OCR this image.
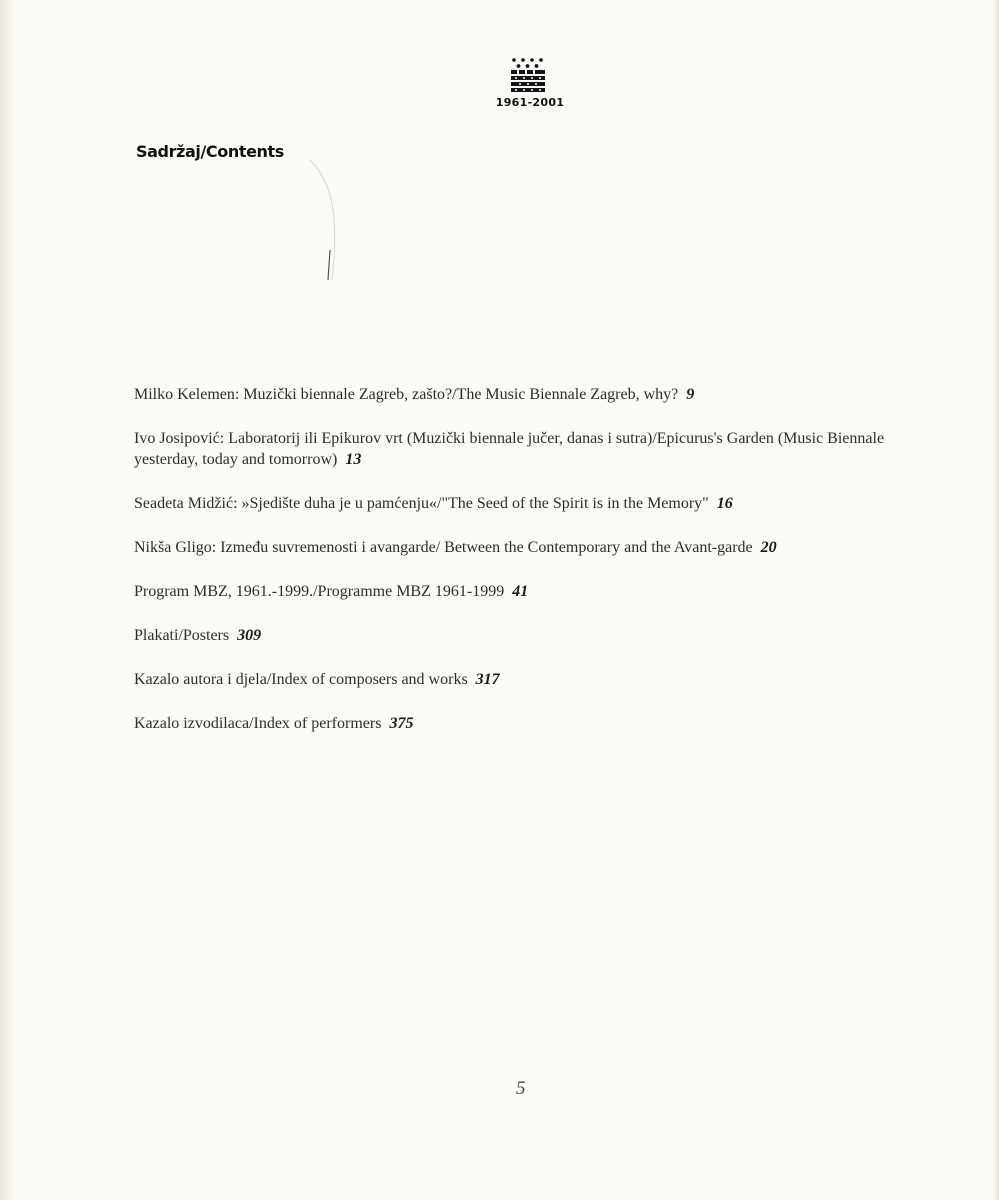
1961-2001
Sadržaj/Contents
Milko Kelemen: Muzički biennale Zagreb, zašto?/The Music Biennale Zagreb, why? 9
Ivo Josipović: Laboratorij ili Epikurov vrt (Muzički biennale jučer, danas i sutra)/Epicurus's Garden (Music Biennale yesterday, today and tomorrow) 13
Seadeta Midžić: »Sjedište duha je u pamćenju«/"The Seed of the Spirit is in the Memory" 16
Nikša Gligo: Između suvremenosti i avangarde/ Between the Contemporary and the Avant-garde 20
Program MBZ, 1961.-1999./Programme MBZ 1961-1999 41
Plakati/Posters 309
Kazalo autora i djela/Index of composers and works 317
Kazalo izvodilaca/Index of performers 375
5
